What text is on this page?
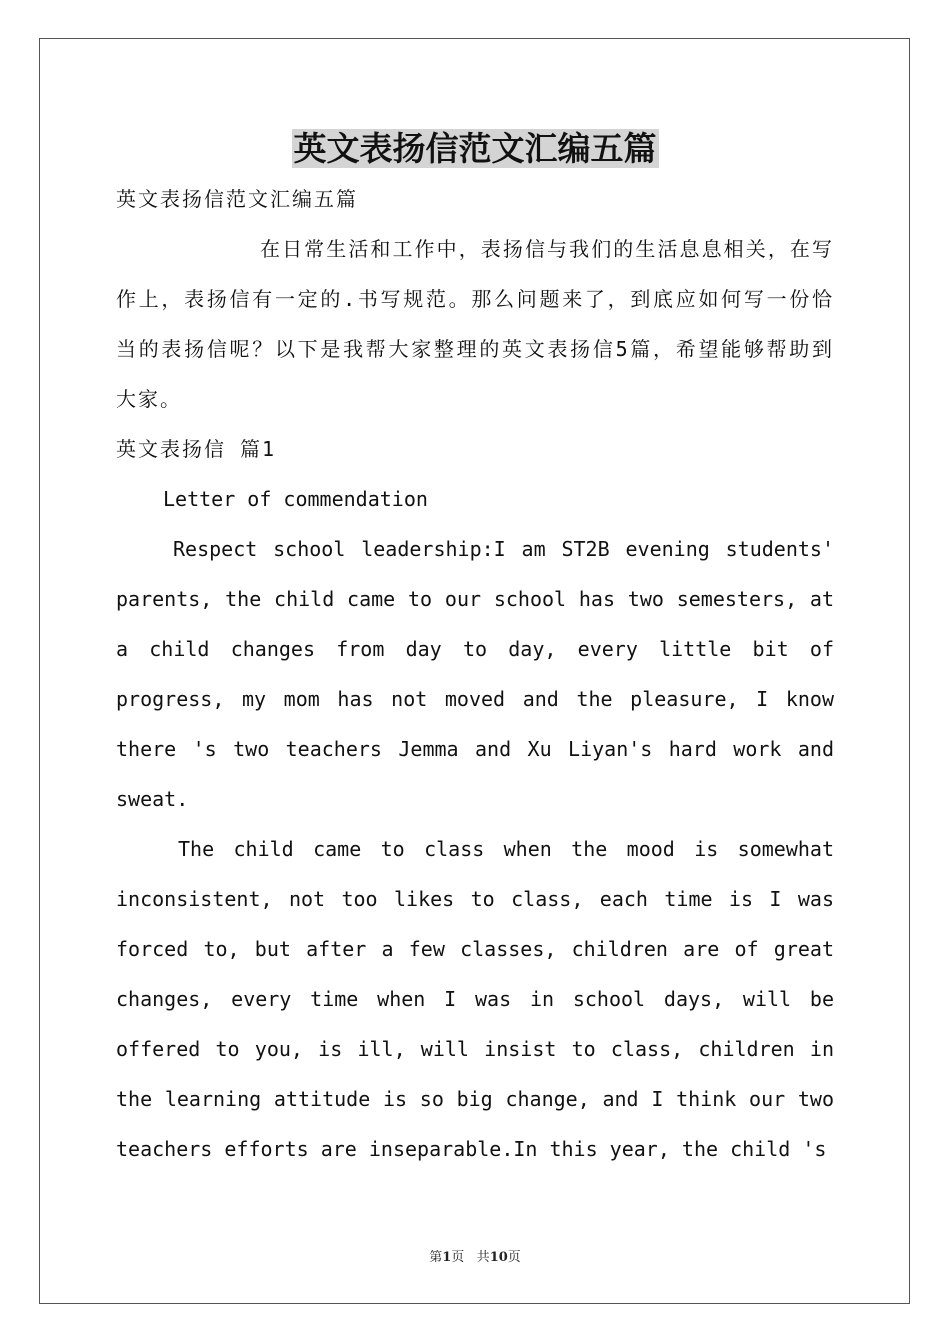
英文表扬信范文汇编五篇

英文表扬信范文汇编五篇

在日常生活和工作中，表扬信与我们的生活息息相关，在写作上，表扬信有一定的.书写规范。那么问题来了，到底应如何写一份恰当的表扬信呢？以下是我帮大家整理的英文表扬信5篇，希望能够帮助到大家。

英文表扬信 篇1

Letter of commendation

Respect school leadership:I am ST2B evening students' parents, the child came to our school has two semesters, at a child changes from day to day, every little bit of progress, my mom has not moved and the pleasure, I know there 's two teachers Jemma and Xu Liyan's hard work and sweat.

The child came to class when the mood is somewhat inconsistent, not too likes to class, each time is I was forced to, but after a few classes, children are of great changes, every time when I was in school days, will be offered to you, is ill, will insist to class, children in the learning attitude is so big change, and I think our two teachers efforts are inseparable.In this year, the child 's

第1页 共10页
